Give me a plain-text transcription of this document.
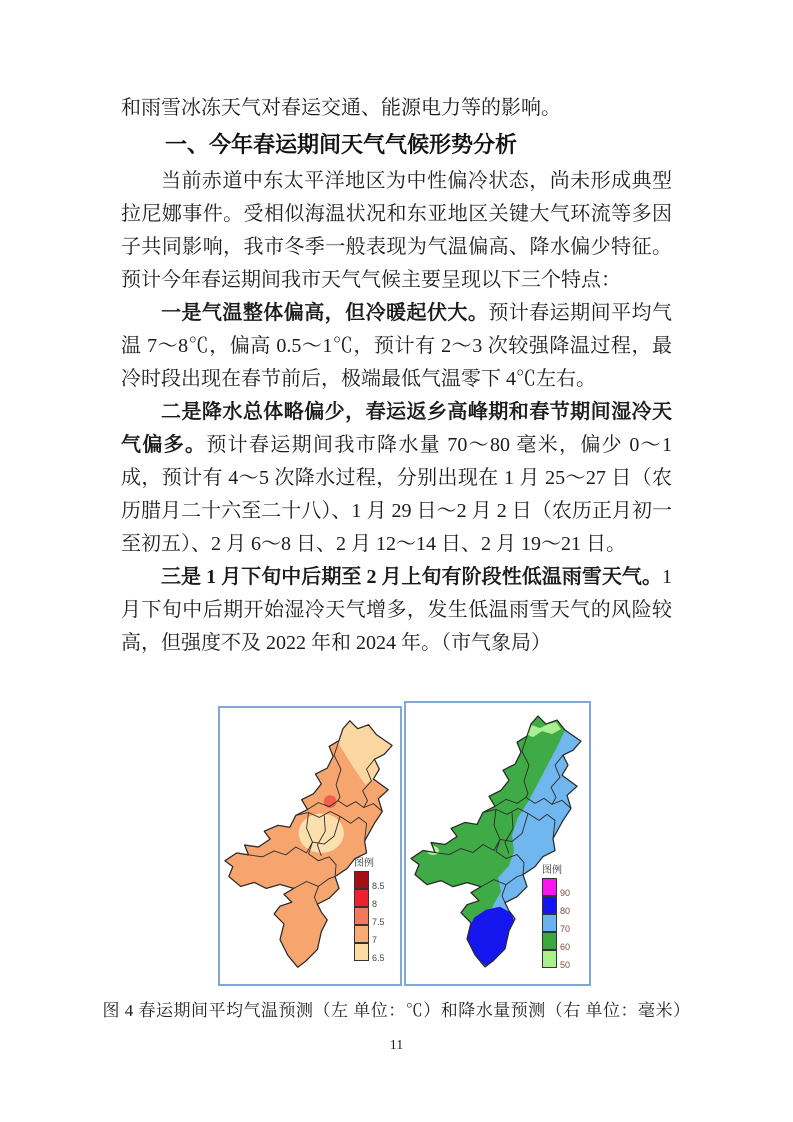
和雨雪冰冻天气对春运交通、能源电力等的影响。

一、今年春运期间天气气候形势分析

当前赤道中东太平洋地区为中性偏冷状态，尚未形成典型拉尼娜事件。受相似海温状况和东亚地区关键大气环流等多因子共同影响，我市冬季一般表现为气温偏高、降水偏少特征。预计今年春运期间我市天气气候主要呈现以下三个特点：

一是气温整体偏高，但冷暖起伏大。预计春运期间平均气温 7～8℃，偏高 0.5～1℃，预计有 2～3 次较强降温过程，最冷时段出现在春节前后，极端最低气温零下 4℃左右。

二是降水总体略偏少，春运返乡高峰期和春节期间湿冷天气偏多。预计春运期间我市降水量 70～80 毫米，偏少 0～1 成，预计有 4～5 次降水过程，分别出现在 1 月 25～27 日（农历腊月二十六至二十八）、1 月 29 日～2 月 2 日（农历正月初一至初五）、2 月 6～8 日、2 月 12～14 日、2 月 19～21 日。

三是 1 月下旬中后期至 2 月上旬有阶段性低温雨雪天气。1 月下旬中后期开始湿冷天气增多，发生低温雨雪天气的风险较高，但强度不及 2022 年和 2024 年。（市气象局）

图例
8.5
8
7.5
7
6.5
图例
90
80
70
60
50
图 4 春运期间平均气温预测（左 单位：℃）和降水量预测（右 单位：毫米）
11
